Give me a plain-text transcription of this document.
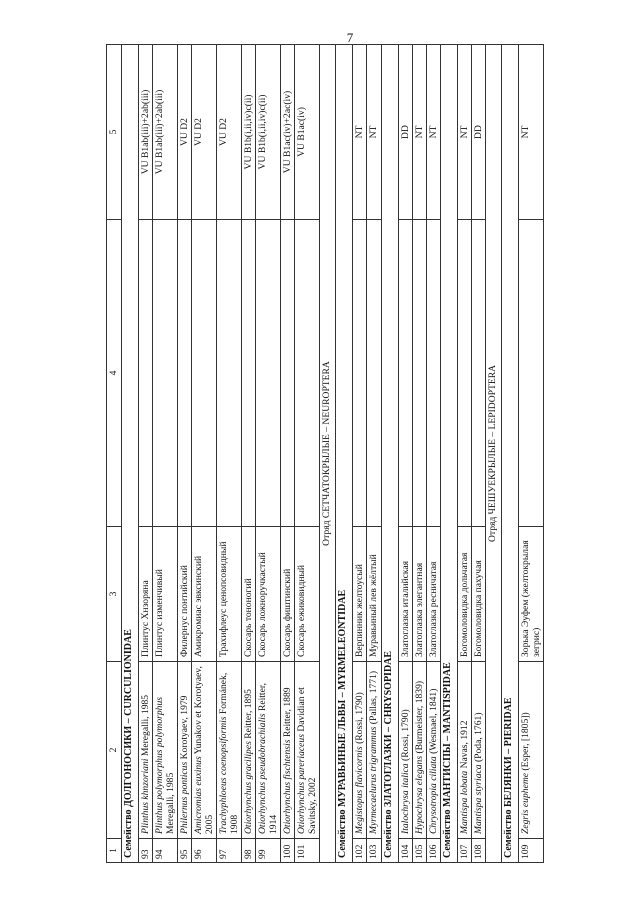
7
1	2	3	4	5
Семейство ДОЛГОНОСИКИ – CURCULIONIDAE				
93	Plinthus khnzoriani Meregalli, 1985	Плинтус Хнзоряна		VU B1ab(iii)+2ab(iii)
94	Plinthus polymorphus polymorphus Meregalli, 1985	Плинтус изменчивый		VU B1ab(iii)+2ab(iii)
95	Philernus ponticus Korotyaev, 1979	Филернус понтийский		VU D2
96	Amicromias euxinus Yunakov et Korotyaev, 2005	Амикромиас эвксинский		VU D2
97	Trachyphloeus coenopsiformis Formánek, 1908	Трахифлеус ценопсовидный		VU D2
98	Otiorhynchus gracilipes Reitter, 1895	Скосарь тононогий		VU B1b(i,ii,iv)c(ii)
99	Otiorhynchus pseudobrachialis Reitter, 1914	Скосарь ложноручкастый		VU B1b(i,ii,iv)c(ii)
100	Otiorhynchus fischtensis Reitter, 1889	Скосарь фиштинский		VU B1ac(iv)+2ac(iv)
101	Otiorhynchus pareriaceus Davidian et Savitsky, 2002	Скосарь ежиковидный		VU B1ac(iv)
Отряд СЕТЧАТОКРЫЛЫЕ – NEUROPTERA				
Семейство МУРАВЬИНЫЕ ЛЬВЫ – MYRMELEONTIDAE				
102	Megistopus flavicornis (Rossi, 1790)	Верпинник желтоусый		NT
103	Myrmecaelurus trigrammus (Pallas, 1771)	Муравьиный лев жёлтый		NT
Семейство ЗЛАТОГЛАЗКИ – CHRYSOPIDAE				
104	Italochrysa italica (Rossi, 1790)	Златоглазка италийская		DD
105	Hypochrysa elegans (Burmeister, 1839)	Златоглазка элегантная		NT
106	Chrysotropia ciliata (Wesmael, 1841)	Златоглазка ресничатая		NT
Семейство МАНТИСПЫ – MANTISPIDAE				
107	Mantispa lobata Navas, 1912	Богомоловидка дольчатая		NT
108	Mantispa styriaca (Poda, 1761)	Богомоловидка пахучая		DD
Отряд ЧЕШУЕКРЫЛЫЕ – LEPIDOPTERA				
Семейство БЕЛЯНКИ – PIERIDAE				
109	Zegris eupheme (Esper, [1805])	Зорька Эуфем (желтокрылая зегрис)		NT
